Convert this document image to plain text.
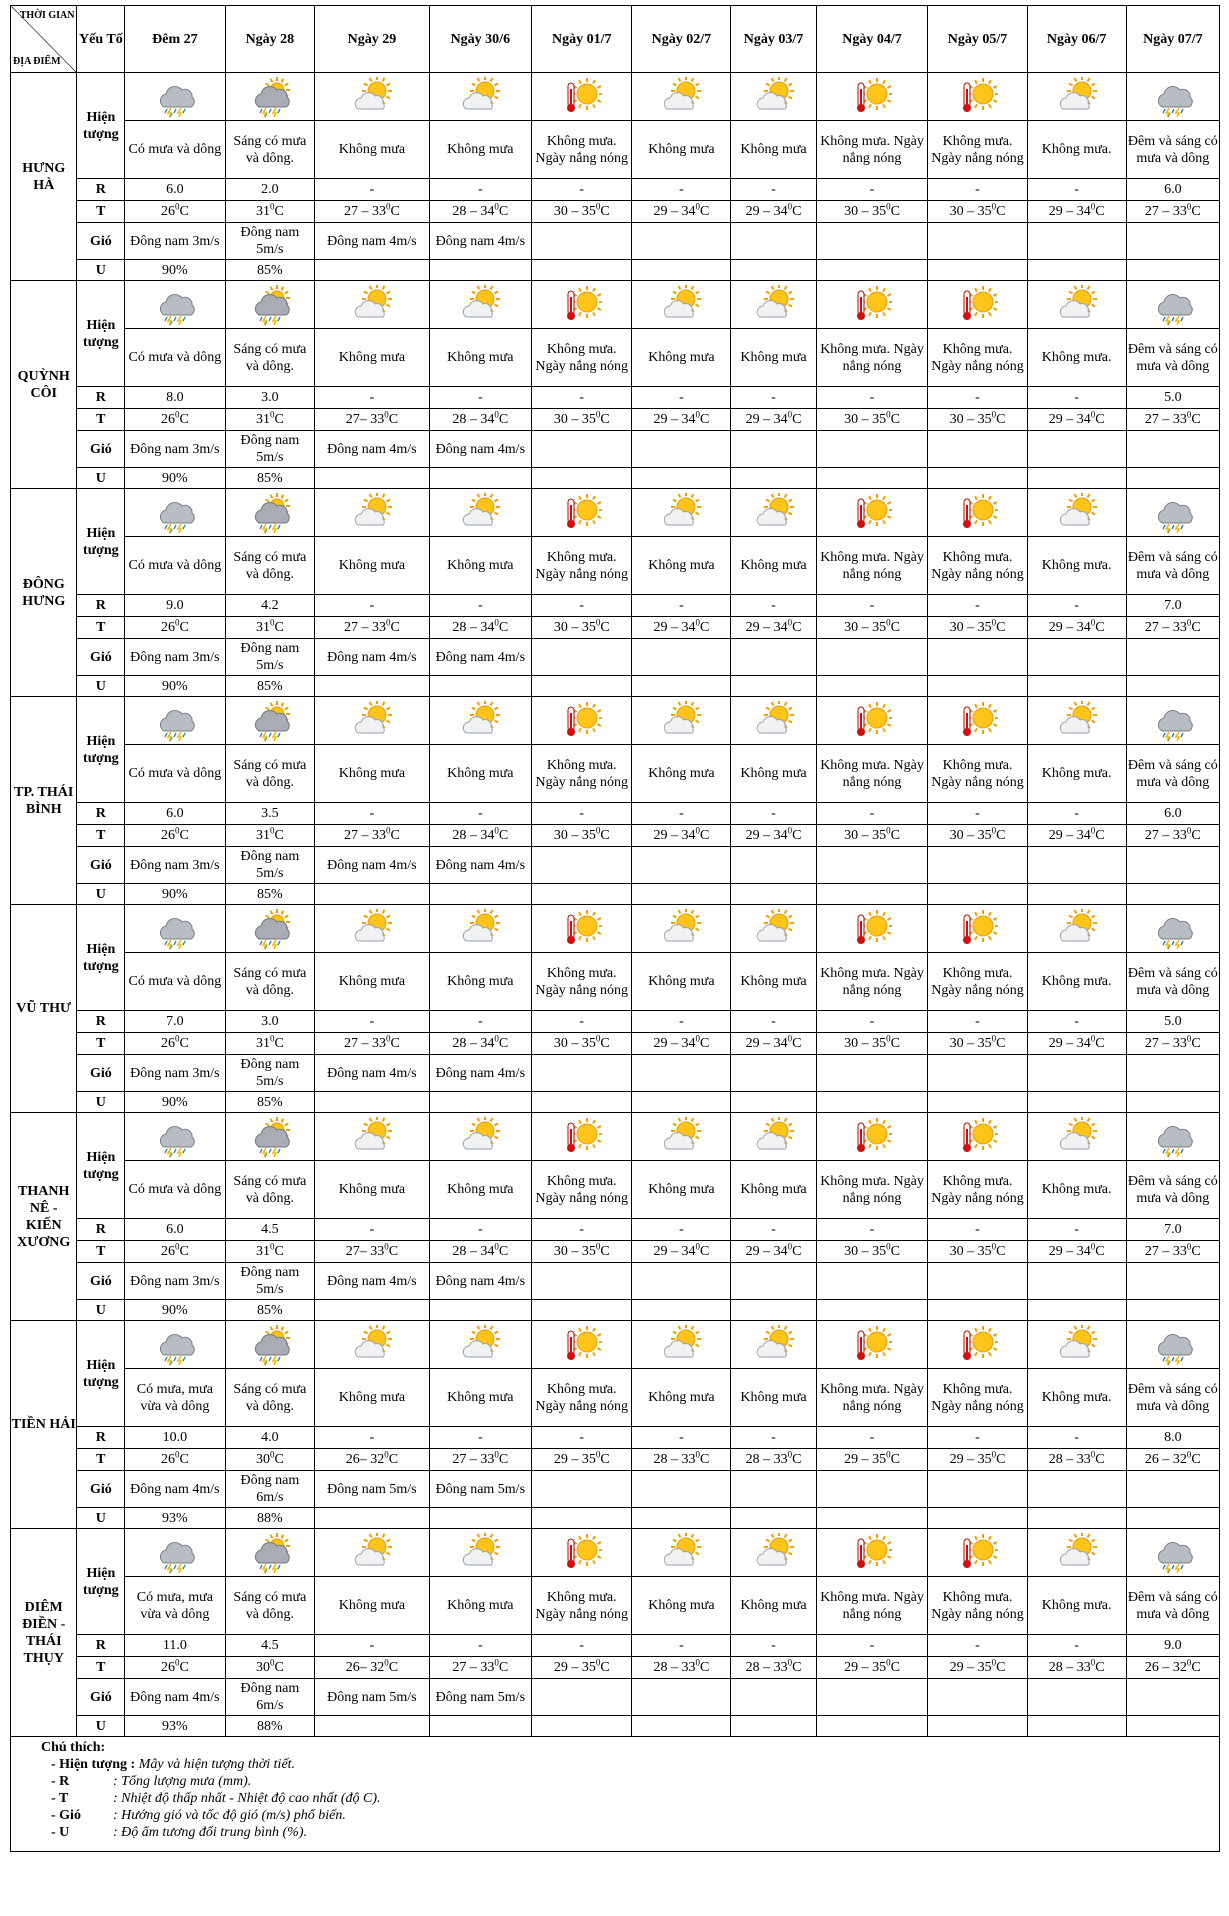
THỜI GIAN
ĐỊA ĐIỂM	Yếu Tố	Đêm 27	Ngày 28	Ngày 29	Ngày 30/6	Ngày 01/7	Ngày 02/7	Ngày 03/7	Ngày 04/7	Ngày 05/7	Ngày 06/7	Ngày 07/7
HƯNG HÀ	Hiện tượng	

		Có mưa và dông	Sáng có mưa và dông.	Không mưa	Không mưa	Không mưa. Ngày nắng nóng	Không mưa	Không mưa	Không mưa. Ngày nắng nóng	Không mưa. Ngày nắng nóng	Không mưa.	Đêm và sáng có mưa và dông
	R	6.0	2.0	-	-	-	-	-	-	-	-	6.0
	T	$26^0C$	$31^0C$	$27 - 33^0C$	$28 - 34^0C$	$30 - 35^0C$	$29 - 34^0C$	$29 - 34^0C$	$30 - 35^0C$	$30 - 35^0C$	$29 - 34^0C$	$27 - 33^0C$
	Gió	Đông nam 3m/s	Đông nam 5m/s	Đông nam 4m/s	Đông nam 4m/s							
	U	90%	85%									

QUỲNH CÔI	Hiện tượng	

		Có mưa và dông	Sáng có mưa và dông.	Không mưa	Không mưa	Không mưa. Ngày nắng nóng	Không mưa	Không mưa	Không mưa. Ngày nắng nóng	Không mưa. Ngày nắng nóng	Không mưa.	Đêm và sáng có mưa và dông
	R	8.0	3.0	-	-	-	-	-	-	-	-	5.0
	T	$26^0C$	$31^0C$	27– $33^0C$	$28 - 34^0C$	$30 - 35^0C$	$29 - 34^0C$	$29 - 34^0C$	$30 - 35^0C$	$30 - 35^0C$	$29 - 34^0C$	$27 - 33^0C$
	Gió	Đông nam 3m/s	Đông nam 5m/s	Đông nam 4m/s	Đông nam 4m/s							
	U	90%	85%									

ĐÔNG HƯNG	Hiện tượng	

		Có mưa và dông	Sáng có mưa và dông.	Không mưa	Không mưa	Không mưa. Ngày nắng nóng	Không mưa	Không mưa	Không mưa. Ngày nắng nóng	Không mưa. Ngày nắng nóng	Không mưa.	Đêm và sáng có mưa và dông
	R	9.0	4.2	-	-	-	-	-	-	-	-	7.0
	T	$26^0C$	$31^0C$	$27 - 33^0C$	$28 - 34^0C$	$30 - 35^0C$	$29 - 34^0C$	$29 - 34^0C$	$30 - 35^0C$	$30 - 35^0C$	$29 - 34^0C$	$27 - 33^0C$
	Gió	Đông nam 3m/s	Đông nam 5m/s	Đông nam 4m/s	Đông nam 4m/s							
	U	90%	85%									

TP. THÁI BÌNH	Hiện tượng	

		Có mưa và dông	Sáng có mưa và dông.	Không mưa	Không mưa	Không mưa. Ngày nắng nóng	Không mưa	Không mưa	Không mưa. Ngày nắng nóng	Không mưa. Ngày nắng nóng	Không mưa.	Đêm và sáng có mưa và dông
	R	6.0	3.5	-	-	-	-	-	-	-	-	6.0
	T	$26^0C$	$31^0C$	$27 - 33^0C$	$28 - 34^0C$	$30 - 35^0C$	$29 - 34^0C$	$29 - 34^0C$	$30 - 35^0C$	$30 - 35^0C$	$29 - 34^0C$	$27 - 33^0C$
	Gió	Đông nam 3m/s	Đông nam 5m/s	Đông nam 4m/s	Đông nam 4m/s							
	U	90%	85%									

VŨ THƯ	Hiện tượng	

		Có mưa và dông	Sáng có mưa và dông.	Không mưa	Không mưa	Không mưa. Ngày nắng nóng	Không mưa	Không mưa	Không mưa. Ngày nắng nóng	Không mưa. Ngày nắng nóng	Không mưa.	Đêm và sáng có mưa và dông
	R	7.0	3.0	-	-	-	-	-	-	-	-	5.0
	T	$26^0C$	$31^0C$	$27 - 33^0C$	$28 - 34^0C$	$30 - 35^0C$	$29 - 34^0C$	$29 - 34^0C$	$30 - 35^0C$	$30 - 35^0C$	$29 - 34^0C$	$27 - 33^0C$
	Gió	Đông nam 3m/s	Đông nam 5m/s	Đông nam 4m/s	Đông nam 4m/s							
	U	90%	85%									

THANH NÊ - KIẾN XƯƠNG	Hiện tượng	

		Có mưa và dông	Sáng có mưa và dông.	Không mưa	Không mưa	Không mưa. Ngày nắng nóng	Không mưa	Không mưa	Không mưa. Ngày nắng nóng	Không mưa. Ngày nắng nóng	Không mưa.	Đêm và sáng có mưa và dông
	R	6.0	4.5	-	-	-	-	-	-	-	-	7.0
	T	$26^0C$	$31^0C$	27– $33^0C$	$28 - 34^0C$	$30 - 35^0C$	$29 - 34^0C$	$29 - 34^0C$	$30 - 35^0C$	$30 - 35^0C$	$29 - 34^0C$	$27 - 33^0C$
	Gió	Đông nam 3m/s	Đông nam 5m/s	Đông nam 4m/s	Đông nam 4m/s							
	U	90%	85%									

TIỀN HẢI	Hiện tượng	

		Có mưa, mưa vừa và dông	Sáng có mưa và dông.	Không mưa	Không mưa	Không mưa. Ngày nắng nóng	Không mưa	Không mưa	Không mưa. Ngày nắng nóng	Không mưa. Ngày nắng nóng	Không mưa.	Đêm và sáng có mưa và dông
	R	10.0	4.0	-	-	-	-	-	-	-	-	8.0
	T	$26^0C$	$30^0C$	26– $32^0C$	$27 - 33^0C$	$29 - 35^0C$	$28 - 33^0C$	$28 - 33^0C$	$29 - 35^0C$	$29 - 35^0C$	$28 - 33^0C$	$26 - 32^0C$
	Gió	Đông nam 4m/s	Đông nam 6m/s	Đông nam 5m/s	Đông nam 5m/s							
	U	93%	88%									

DIÊM ĐIỀN - THÁI THỤY	Hiện tượng	

		Có mưa, mưa vừa và dông	Sáng có mưa và dông.	Không mưa	Không mưa	Không mưa. Ngày nắng nóng	Không mưa	Không mưa	Không mưa. Ngày nắng nóng	Không mưa. Ngày nắng nóng	Không mưa.	Đêm và sáng có mưa và dông
	R	11.0	4.5	-	-	-	-	-	-	-	-	9.0
	T	$26^0C$	$30^0C$	26– $32^0C$	$27 - 33^0C$	$29 - 35^0C$	$28 - 33^0C$	$28 - 33^0C$	$29 - 35^0C$	$29 - 35^0C$	$28 - 33^0C$	$26 - 32^0C$
	Gió	Đông nam 4m/s	Đông nam 6m/s	Đông nam 5m/s	Đông nam 5m/s							
	U	93%	88%									

Chú thích:
- Hiện tượng : Mây và hiện tượng thời tiết.
- R	: Tổng lượng mưa (mm).
- T	: Nhiệt độ thấp nhất - Nhiệt độ cao nhất (độ C).
- Gió : Hướng gió và tốc độ gió (m/s) phổ biến.
- U	: Độ ẩm tương đối trung bình (%).
